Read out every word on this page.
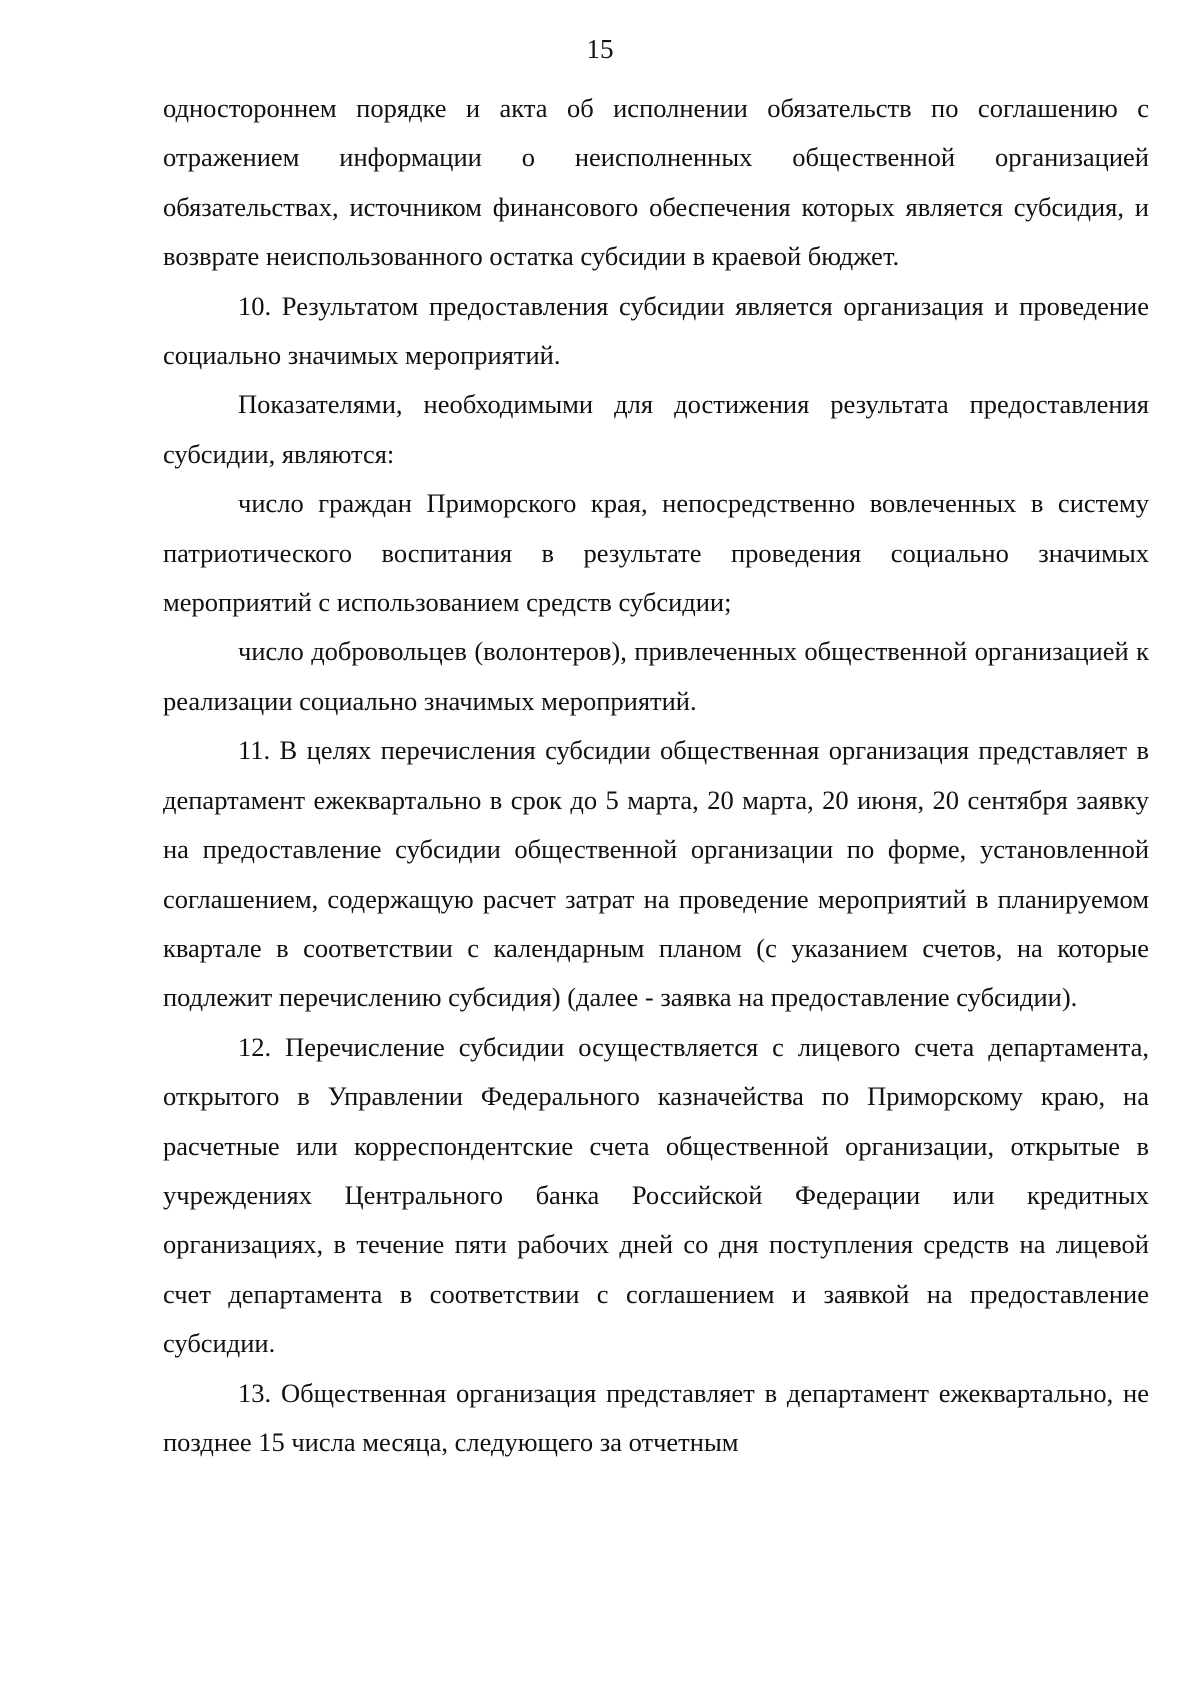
15

одностороннем порядке и акта об исполнении обязательств по соглашению с отражением информации о неисполненных общественной организацией обязательствах, источником финансового обеспечения которых является субсидия, и возврате неиспользованного остатка субсидии в краевой бюджет.

10. Результатом предоставления субсидии является организация и проведение социально значимых мероприятий.

Показателями, необходимыми для достижения результата предоставления субсидии, являются:

число граждан Приморского края, непосредственно вовлеченных в систему патриотического воспитания в результате проведения социально значимых мероприятий с использованием средств субсидии;

число добровольцев (волонтеров), привлеченных общественной организацией к реализации социально значимых мероприятий.

11. В целях перечисления субсидии общественная организация представляет в департамент ежеквартально в срок до 5 марта, 20 марта, 20 июня, 20 сентября заявку на предоставление субсидии общественной организации по форме, установленной соглашением, содержащую расчет затрат на проведение мероприятий в планируемом квартале в соответствии с календарным планом (с указанием счетов, на которые подлежит перечислению субсидия) (далее - заявка на предоставление субсидии).

12. Перечисление субсидии осуществляется с лицевого счета департамента, открытого в Управлении Федерального казначейства по Приморскому краю, на расчетные или корреспондентские счета общественной организации, открытые в учреждениях Центрального банка Российской Федерации или кредитных организациях, в течение пяти рабочих дней со дня поступления средств на лицевой счет департамента в соответствии с соглашением и заявкой на предоставление субсидии.

13. Общественная организация представляет в департамент ежеквартально, не позднее 15 числа месяца, следующего за отчетным
